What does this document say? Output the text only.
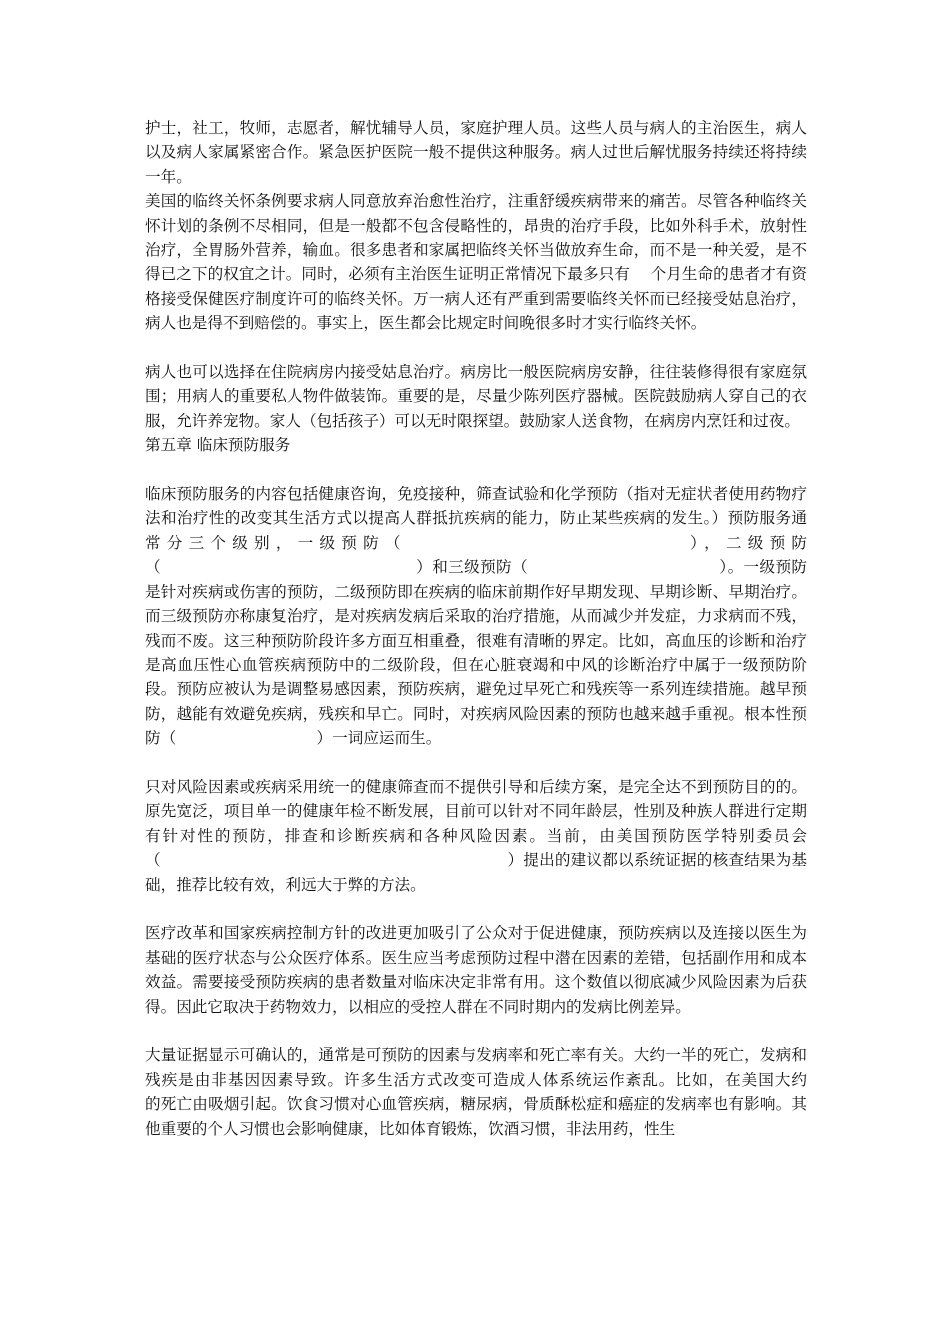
护士，社工，牧师，志愿者，解忧辅导人员，家庭护理人员。这些人员与病人的主治医生，病人以及病人家属紧密合作。紧急医护医院一般不提供这种服务。病人过世后解忧服务持续还将持续一年。

美国的临终关怀条例要求病人同意放弃治愈性治疗，注重舒缓疾病带来的痛苦。尽管各种临终关怀计划的条例不尽相同，但是一般都不包含侵略性的，昂贵的治疗手段，比如外科手术，放射性治疗，全胃肠外营养，输血。很多患者和家属把临终关怀当做放弃生命，而不是一种关爱，是不得已之下的权宜之计。同时，必须有主治医生证明正常情况下最多只有　 个月生命的患者才有资格接受保健医疗制度许可的临终关怀。万一病人还有严重到需要临终关怀而已经接受姑息治疗，病人也是得不到赔偿的。事实上，医生都会比规定时间晚很多时才实行临终关怀。

病人也可以选择在住院病房内接受姑息治疗。病房比一般医院病房安静，往往装修得很有家庭氛围；用病人的重要私人物件做装饰。重要的是，尽量少陈列医疗器械。医院鼓励病人穿自己的衣服，允许养宠物。家人（包括孩子）可以无时限探望。鼓励家人送食物，在病房内烹饪和过夜。

第五章 临床预防服务

临床预防服务的内容包括健康咨询，免疫接种，筛查试验和化学预防（指对无症状者使用药物疗法和治疗性的改变其生活方式以提高人群抵抗疾病的能力，防止某些疾病的发生。）预防服务通常分三个级别，一级预防（　　　　　　　　　　　　　），二级预防（　　　　　　　　　　　　　　　　）和三级预防（　　　　　　　　　　　　）。一级预防是针对疾病或伤害的预防，二级预防即在疾病的临床前期作好早期发现、早期诊断、早期治疗。而三级预防亦称康复治疗，是对疾病发病后采取的治疗措施，从而减少并发症，力求病而不残，残而不废。这三种预防阶段许多方面互相重叠，很难有清晰的界定。比如，高血压的诊断和治疗是高血压性心血管疾病预防中的二级阶段，但在心脏衰竭和中风的诊断治疗中属于一级预防阶段。预防应被认为是调整易感因素，预防疾病，避免过早死亡和残疾等一系列连续措施。越早预防，越能有效避免疾病，残疾和早亡。同时，对疾病风险因素的预防也越来越手重视。根本性预防（　　　　　　　　　）一词应运而生。

只对风险因素或疾病采用统一的健康筛查而不提供引导和后续方案，是完全达不到预防目的的。原先宽泛，项目单一的健康年检不断发展，目前可以针对不同年龄层，性别及种族人群进行定期有针对性的预防，排查和诊断疾病和各种风险因素。当前，由美国预防医学特别委员会（　　　　　　　　　　　　　　　　　　　　　　）提出的建议都以系统证据的核查结果为基础，推荐比较有效，利远大于弊的方法。

医疗改革和国家疾病控制方针的改进更加吸引了公众对于促进健康，预防疾病以及连接以医生为基础的医疗状态与公众医疗体系。医生应当考虑预防过程中潜在因素的差错，包括副作用和成本效益。需要接受预防疾病的患者数量对临床决定非常有用。这个数值以彻底减少风险因素为后获得。因此它取决于药物效力，以相应的受控人群在不同时期内的发病比例差异。

大量证据显示可确认的，通常是可预防的因素与发病率和死亡率有关。大约一半的死亡，发病和残疾是由非基因因素导致。许多生活方式改变可造成人体系统运作紊乱。比如，在美国大约　　 的死亡由吸烟引起。饮食习惯对心血管疾病，糖尿病，骨质酥松症和癌症的发病率也有影响。其他重要的个人习惯也会影响健康，比如体育锻炼，饮酒习惯，非法用药，性生
